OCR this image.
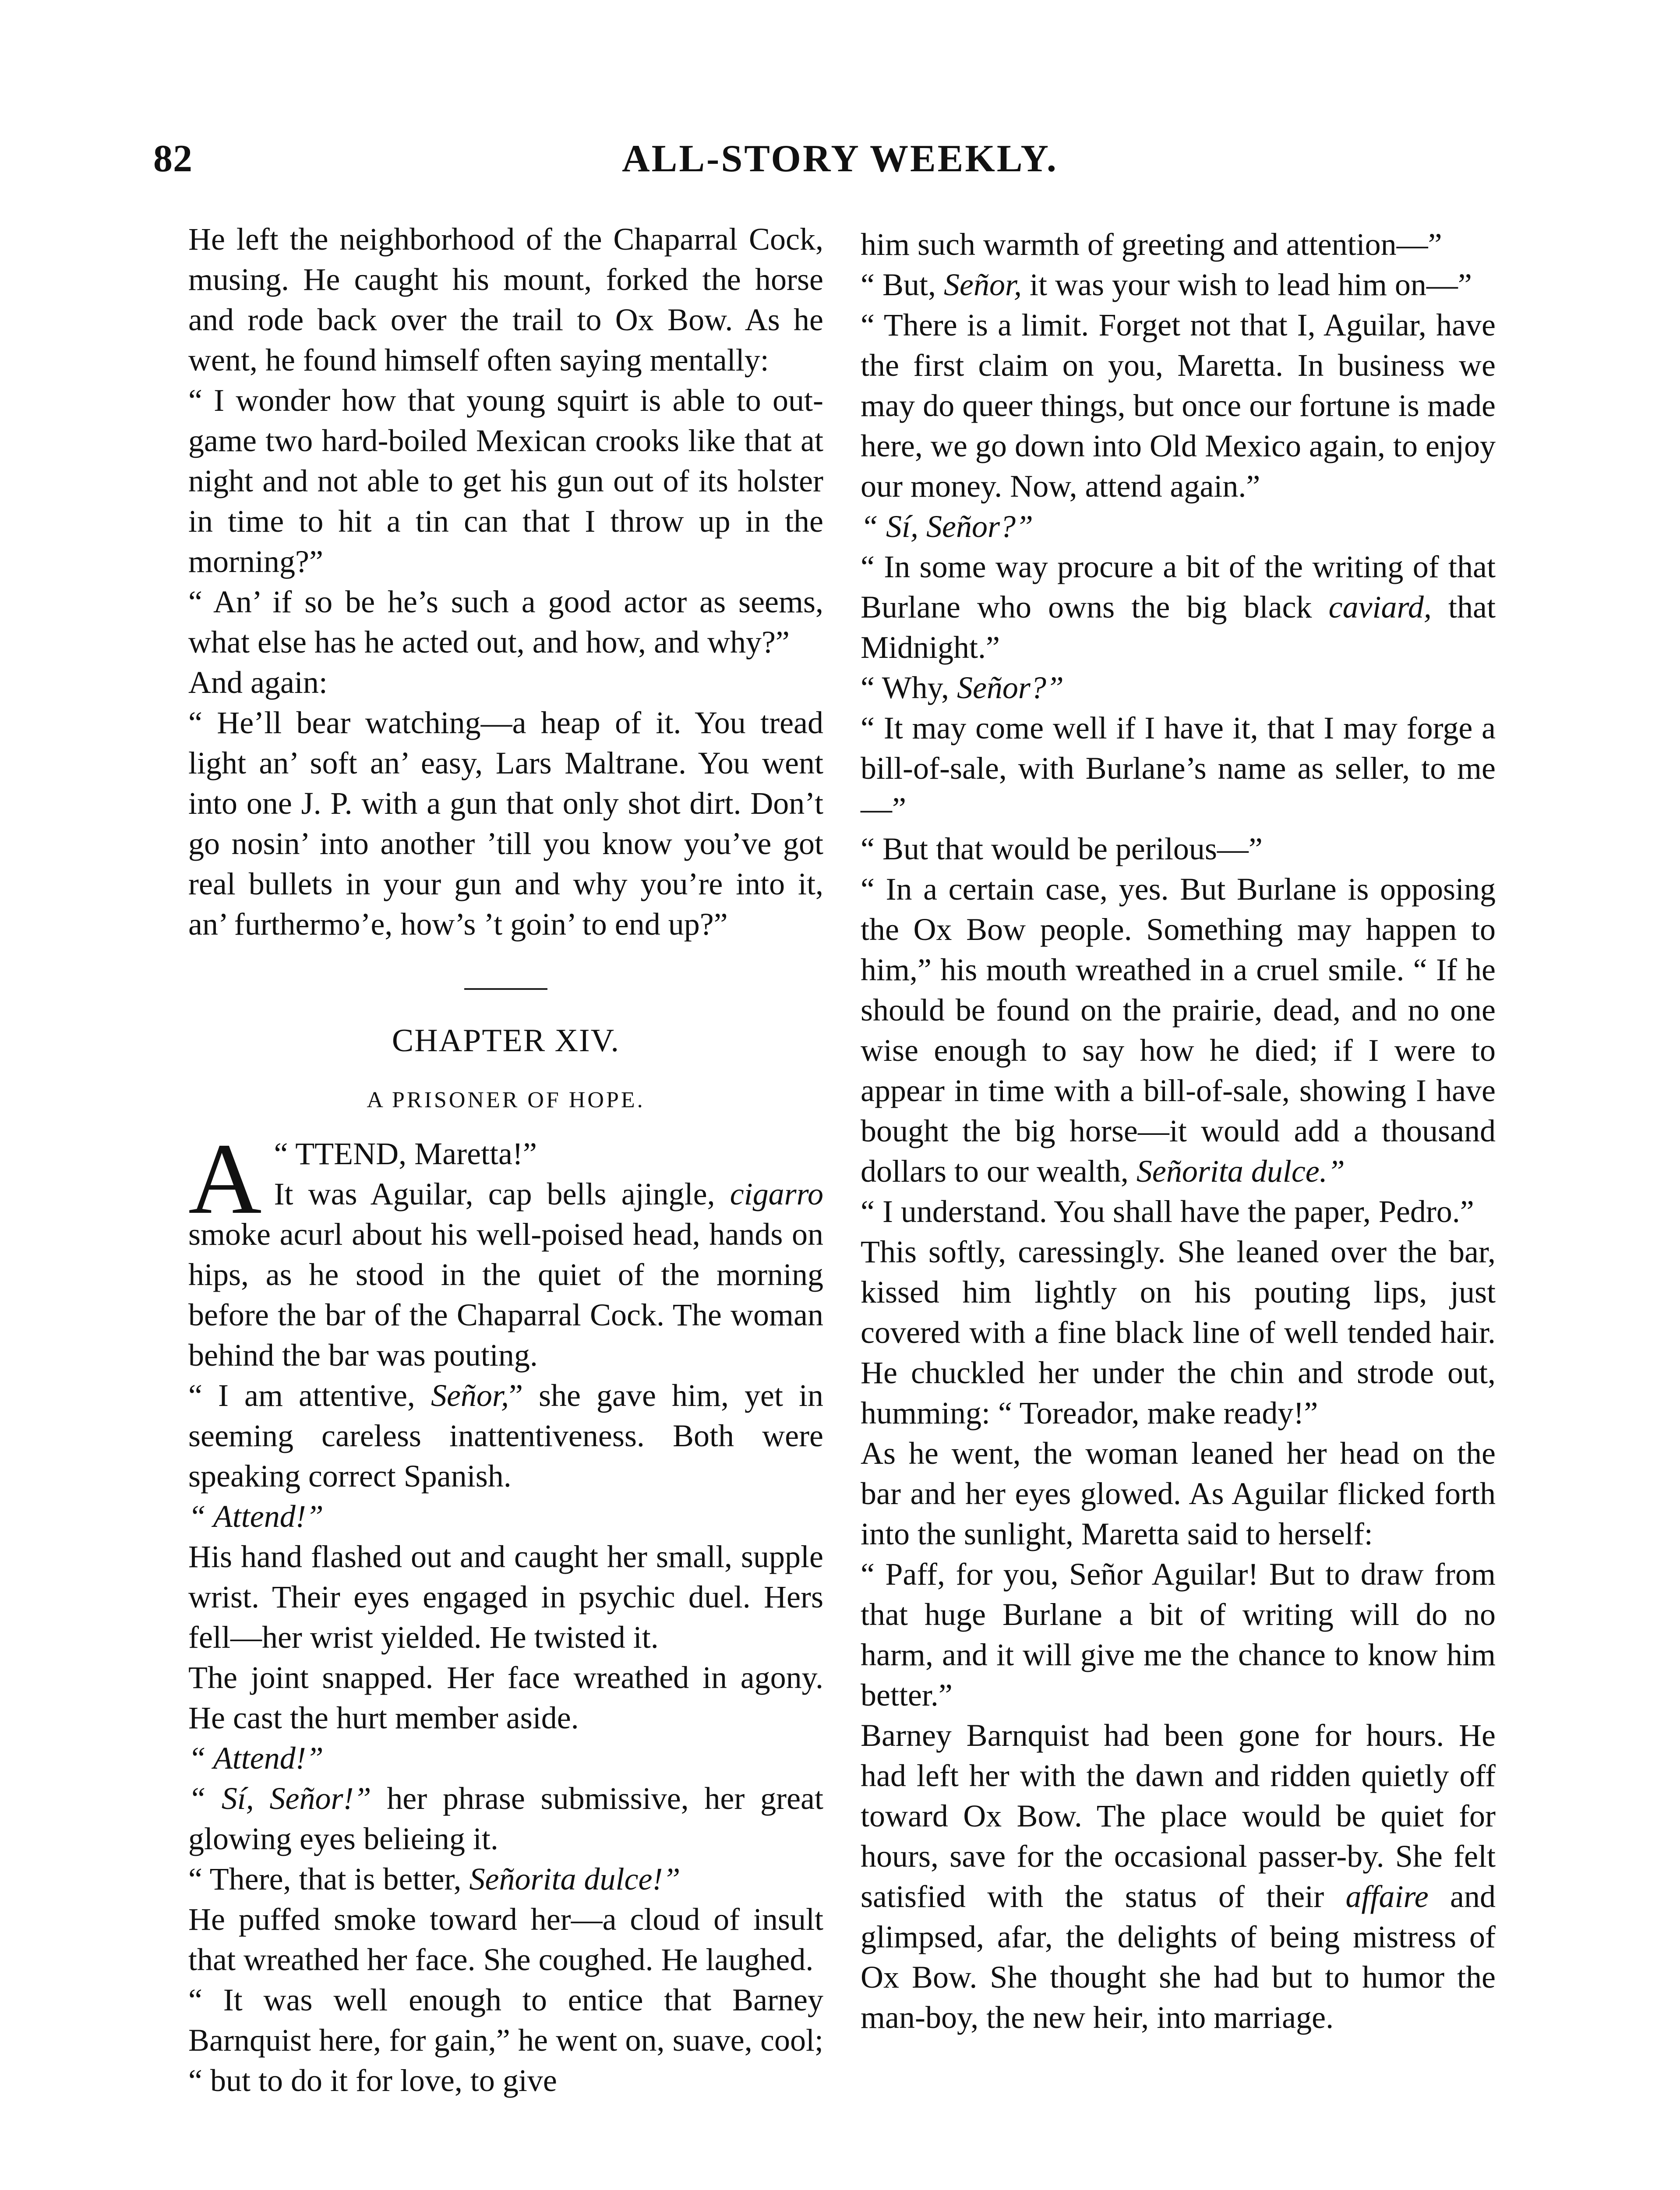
82	ALL-STORY WEEKLY.

He left the neighborhood of the Chaparral Cock, musing. He caught his mount, forked the horse and rode back over the trail to Ox Bow. As he went, he found himself often saying mentally:

“ I wonder how that young squirt is able to out-game two hard-boiled Mexican crooks like that at night and not able to get his gun out of its holster in time to hit a tin can that I throw up in the morning?”

“ An’ if so be he’s such a good actor as seems, what else has he acted out, and how, and why?”

And again:

“ He’ll bear watching—a heap of it. You tread light an’ soft an’ easy, Lars Maltrane. You went into one J. P. with a gun that only shot dirt. Don’t go nosin’ into another ’till you know you’ve got real bullets in your gun and why you’re into it, an’ furthermo’e, how’s ’t goin’ to end up?”

CHAPTER XIV.
A PRISONER OF HOPE.

A “ TTEND, Maretta!”
It was Aguilar, cap bells ajingle, cigarro smoke acurl about his well-poised head, hands on hips, as he stood in the quiet of the morning before the bar of the Chaparral Cock. The woman behind the bar was pouting.

“ I am attentive, Señor,” she gave him, yet in seeming careless inattentiveness. Both were speaking correct Spanish.

“ Attend!”

His hand flashed out and caught her small, supple wrist. Their eyes engaged in psychic duel. Hers fell—her wrist yielded. He twisted it.

The joint snapped. Her face wreathed in agony. He cast the hurt member aside.

“ Attend!”

“ Sí, Señor!” her phrase submissive, her great glowing eyes belieing it.

“ There, that is better, Señorita dulce!”

He puffed smoke toward her—a cloud of insult that wreathed her face. She coughed. He laughed.

“ It was well enough to entice that Barney Barnquist here, for gain,” he went on, suave, cool; “ but to do it for love, to give

him such warmth of greeting and attention—”

“ But, Señor, it was your wish to lead him on—”

“ There is a limit. Forget not that I, Aguilar, have the first claim on you, Maretta. In business we may do queer things, but once our fortune is made here, we go down into Old Mexico again, to enjoy our money. Now, attend again.”

“ Sí, Señor?”

“ In some way procure a bit of the writing of that Burlane who owns the big black caviard, that Midnight.”

“ Why, Señor?”

“ It may come well if I have it, that I may forge a bill-of-sale, with Burlane’s name as seller, to me—”

“ But that would be perilous—”

“ In a certain case, yes. But Burlane is opposing the Ox Bow people. Something may happen to him,” his mouth wreathed in a cruel smile. “ If he should be found on the prairie, dead, and no one wise enough to say how he died; if I were to appear in time with a bill-of-sale, showing I have bought the big horse—it would add a thousand dollars to our wealth, Señorita dulce.”

“ I understand. You shall have the paper, Pedro.”

This softly, caressingly. She leaned over the bar, kissed him lightly on his pouting lips, just covered with a fine black line of well tended hair. He chuckled her under the chin and strode out, humming: “ Toreador, make ready!”

As he went, the woman leaned her head on the bar and her eyes glowed. As Aguilar flicked forth into the sunlight, Maretta said to herself:

“ Paff, for you, Señor Aguilar! But to draw from that huge Burlane a bit of writing will do no harm, and it will give me the chance to know him better.”

Barney Barnquist had been gone for hours. He had left her with the dawn and ridden quietly off toward Ox Bow. The place would be quiet for hours, save for the occasional passer-by. She felt satisfied with the status of their affaire and glimpsed, afar, the delights of being mistress of Ox Bow. She thought she had but to humor the man-boy, the new heir, into marriage.
